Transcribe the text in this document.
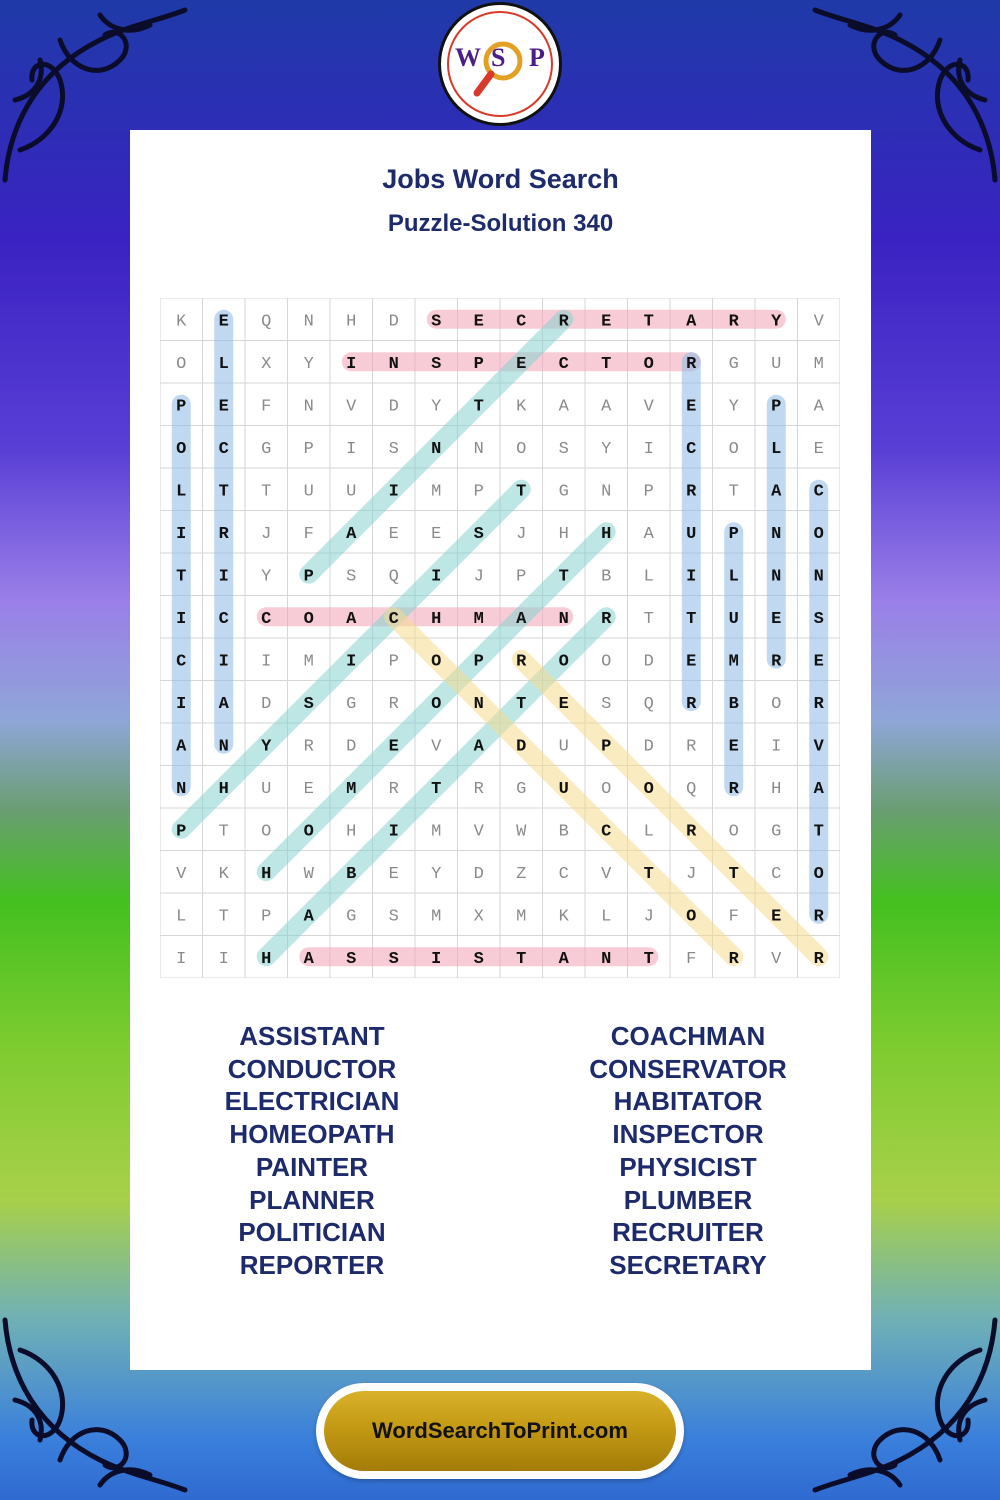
W S P
Jobs Word Search
Puzzle-Solution 340
K E Q N H D S E C R E T A R Y V
O L X Y I N S P E C T O R G U M
P E F N V D Y T K A A V E Y P A
O C G P I S N N O S Y I C O L E
L T T U U I M P T G N P R T A C
I R J F A E E S J H H A U P N O
T I Y P S Q I J P T B L I L N N
I C C O A C H M A N R T T U E S
C I I M I P O P R O O D E M R E
I A D S G R O N T E S Q R B O R
A N Y R D E V A D U P D R E I V
N H U E M R T R G U O O Q R H A
P T O O H I M V W B C L R O G T
V K H W B E Y D Z C V T J T C O
L T P A G S M X M K L J O F E R
I I H A S S I S T A N T F R V R
ASSISTANT
CONDUCTOR
ELECTRICIAN
HOMEOPATH
PAINTER
PLANNER
POLITICIAN
REPORTER
COACHMAN
CONSERVATOR
HABITATOR
INSPECTOR
PHYSICIST
PLUMBER
RECRUITER
SECRETARY
WordSearchToPrint.com
